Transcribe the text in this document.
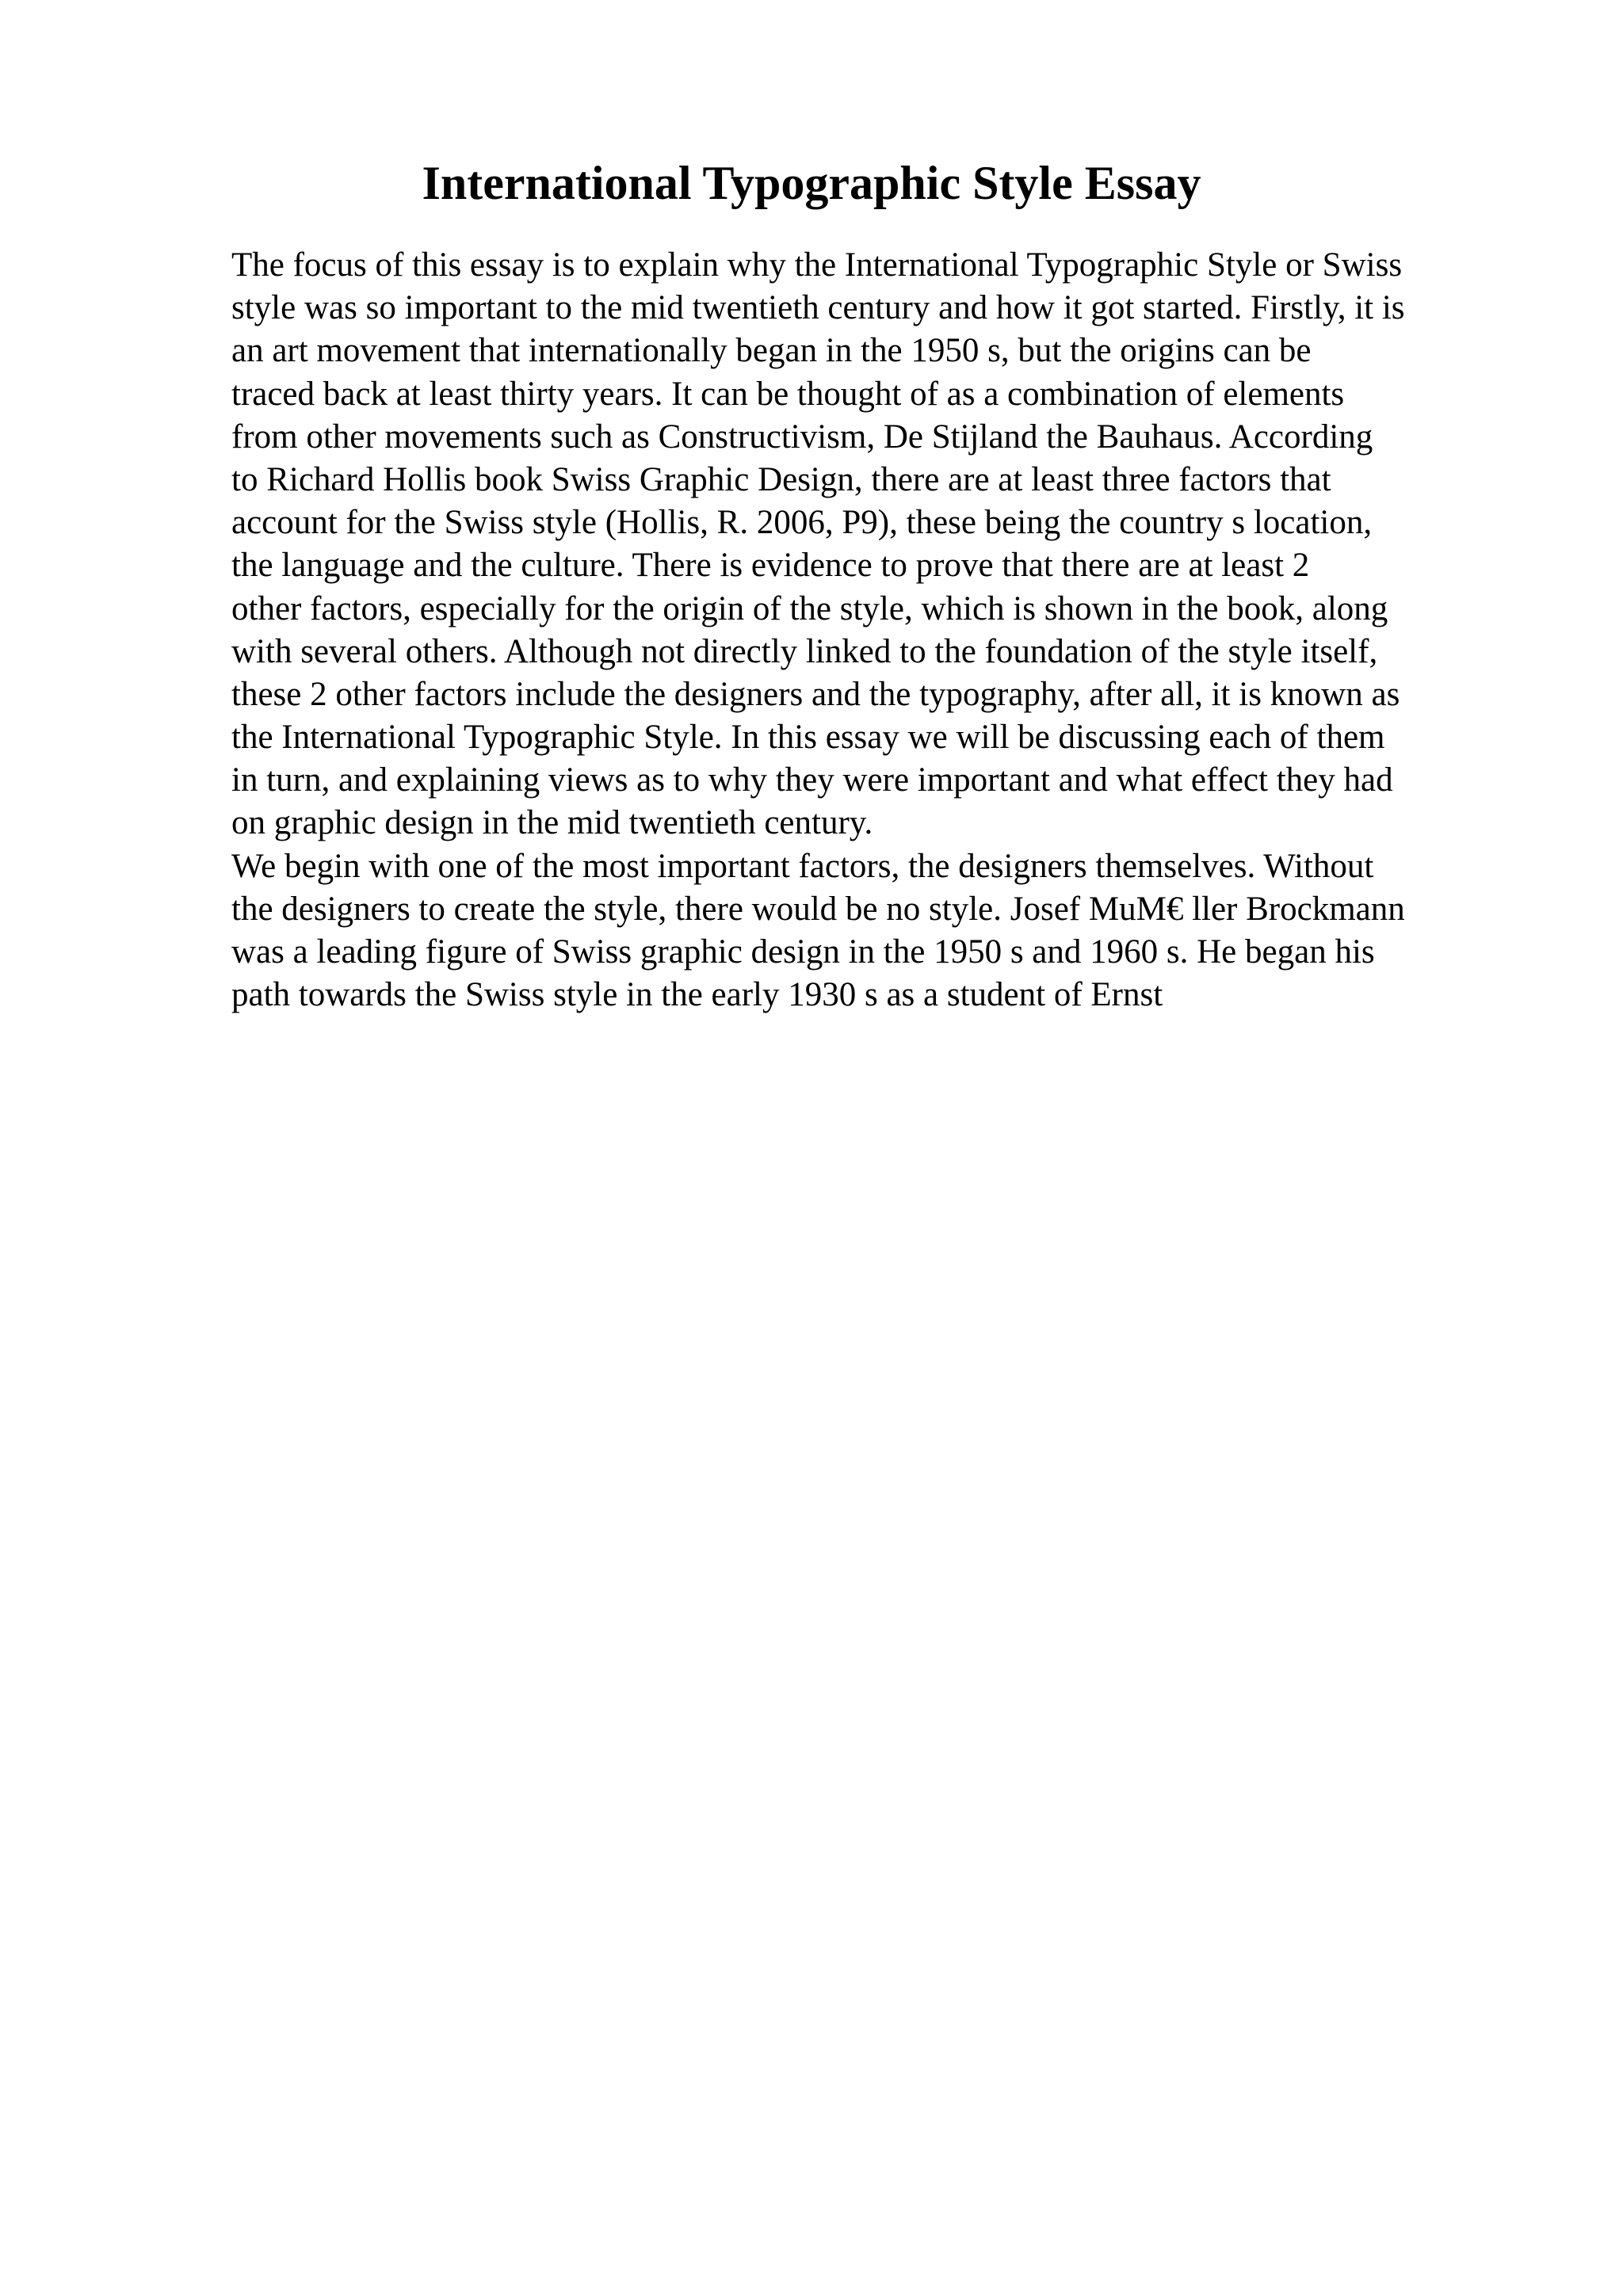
International Typographic Style Essay
The focus of this essay is to explain why the International Typographic Style or Swiss
style was so important to the mid twentieth century and how it got started. Firstly, it is
an art movement that internationally began in the 1950 s, but the origins can be
traced back at least thirty years. It can be thought of as a combination of elements
from other movements such as Constructivism, De Stijland the Bauhaus. According
to Richard Hollis book Swiss Graphic Design, there are at least three factors that
account for the Swiss style (Hollis, R. 2006, P9), these being the country s location,
the language and the culture. There is evidence to prove that there are at least 2
other factors, especially for the origin of the style, which is shown in the book, along
with several others. Although not directly linked to the foundation of the style itself,
these 2 other factors include the designers and the typography, after all, it is known as
the International Typographic Style. In this essay we will be discussing each of them
in turn, and explaining views as to why they were important and what effect they had
on graphic design in the mid twentieth century.
We begin with one of the most important factors, the designers themselves. Without
the designers to create the style, there would be no style. Josef MuM€ ller Brockmann
was a leading figure of Swiss graphic design in the 1950 s and 1960 s. He began his
path towards the Swiss style in the early 1930 s as a student of Ernst
